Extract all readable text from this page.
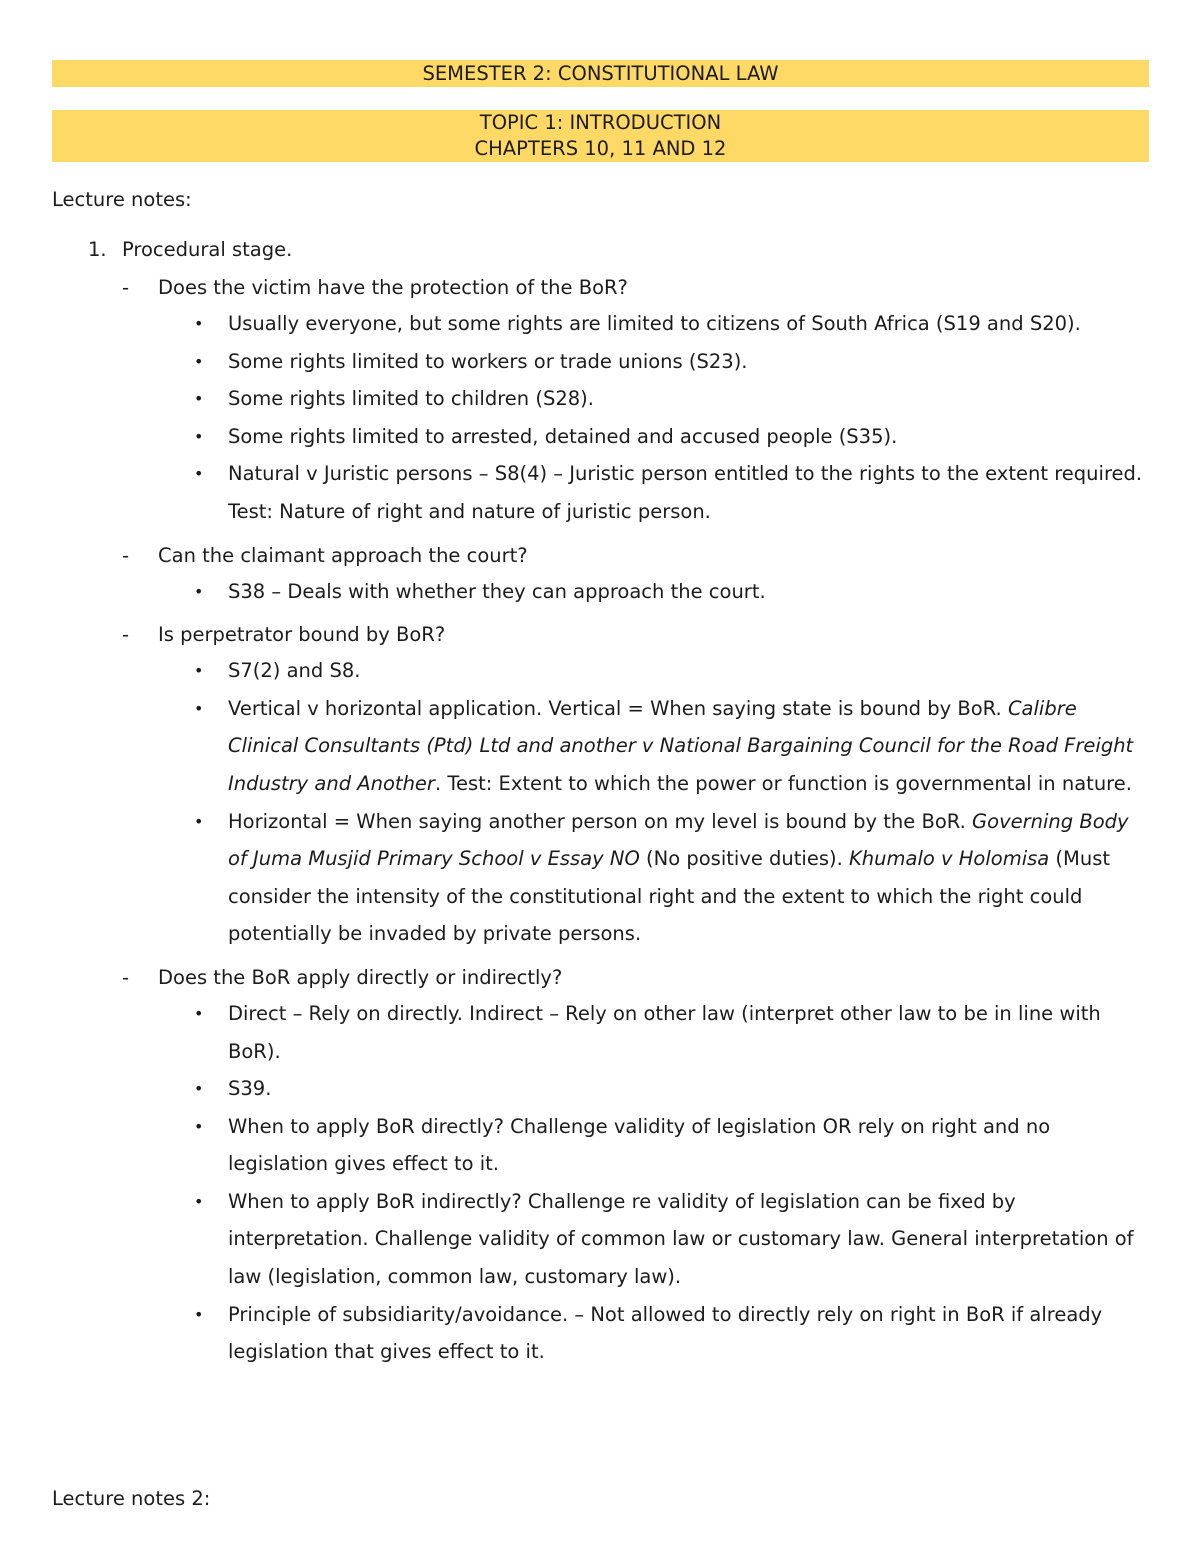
SEMESTER 2: CONSTITUTIONAL LAW
TOPIC 1: INTRODUCTION
CHAPTERS 10, 11 AND 12
Lecture notes:
1. Procedural stage.
- Does the victim have the protection of the BoR?
• Usually everyone, but some rights are limited to citizens of South Africa (S19 and S20).
• Some rights limited to workers or trade unions (S23).
• Some rights limited to children (S28).
• Some rights limited to arrested, detained and accused people (S35).
• Natural v Juristic persons – S8(4) – Juristic person entitled to the rights to the extent required. Test: Nature of right and nature of juristic person.
- Can the claimant approach the court?
• S38 – Deals with whether they can approach the court.
- Is perpetrator bound by BoR?
• S7(2) and S8.
• Vertical v horizontal application. Vertical = When saying state is bound by BoR. Calibre Clinical Consultants (Ptd) Ltd and another v National Bargaining Council for the Road Freight Industry and Another. Test: Extent to which the power or function is governmental in nature.
• Horizontal = When saying another person on my level is bound by the BoR. Governing Body of Juma Musjid Primary School v Essay NO (No positive duties). Khumalo v Holomisa (Must consider the intensity of the constitutional right and the extent to which the right could potentially be invaded by private persons.
- Does the BoR apply directly or indirectly?
• Direct – Rely on directly. Indirect – Rely on other law (interpret other law to be in line with BoR).
• S39.
• When to apply BoR directly? Challenge validity of legislation OR rely on right and no legislation gives effect to it.
• When to apply BoR indirectly? Challenge re validity of legislation can be fixed by interpretation. Challenge validity of common law or customary law. General interpretation of law (legislation, common law, customary law).
• Principle of subsidiarity/avoidance. – Not allowed to directly rely on right in BoR if already legislation that gives effect to it.
Lecture notes 2:
